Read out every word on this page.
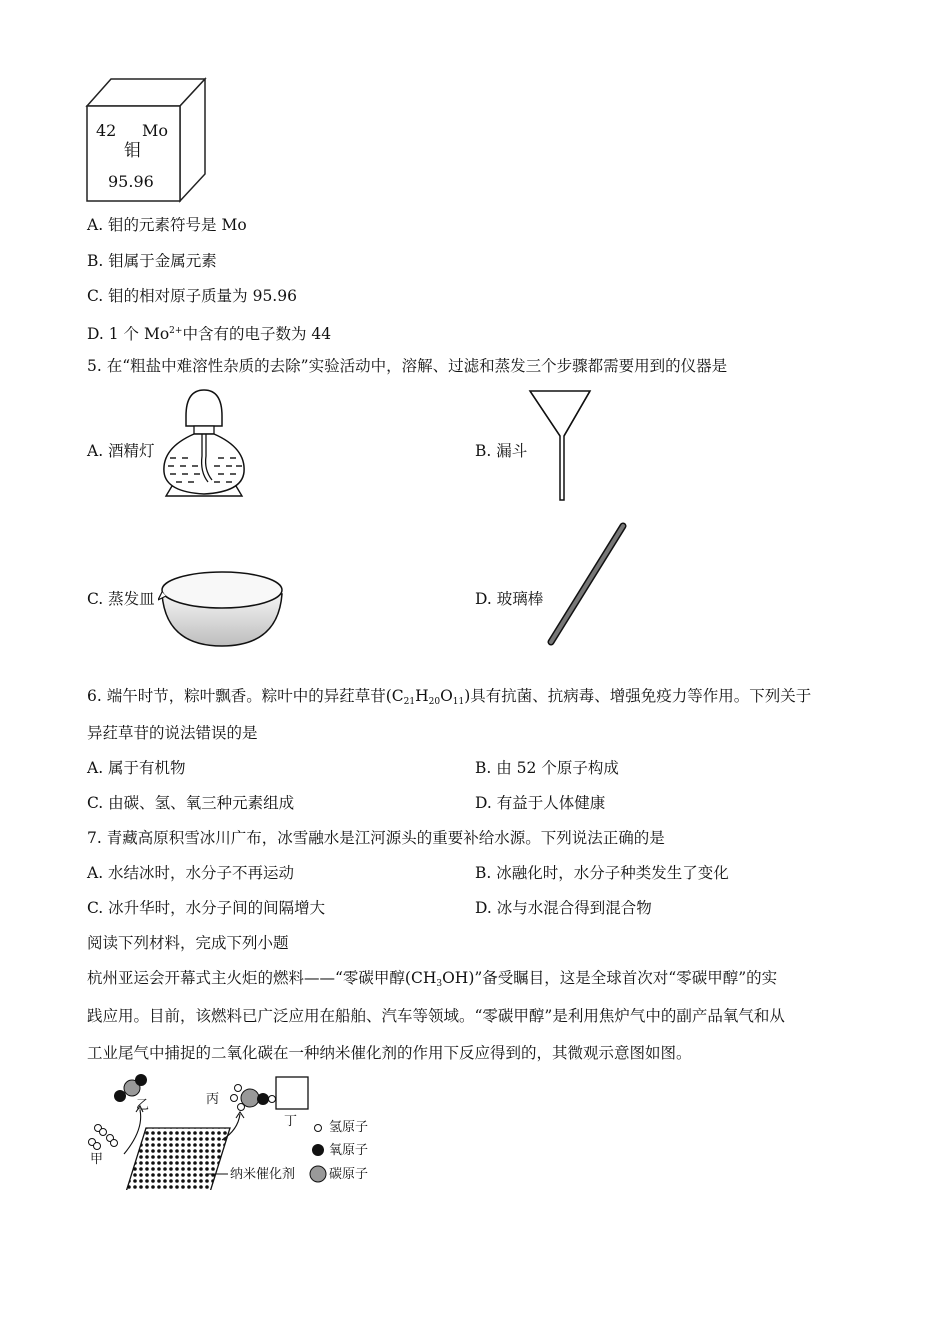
42 Mo
钼
95.96
A. 钼的元素符号是 Mo
B. 钼属于金属元素
C. 钼的相对原子质量为 95.96
D. 1 个 $Mo^{2+}$中含有的电子数为 44
5. 在“粗盐中难溶性杂质的去除”实验活动中，溶解、过滤和蒸发三个步骤都需要用到的仪器是
A. 酒精灯	B. 漏斗
C. 蒸发皿	D. 玻璃棒
6. 端午时节，粽叶飘香。粽叶中的异荭草苷$(C_{21}H_{20}O_{11})$具有抗菌、抗病毒、增强免疫力等作用。下列关于
异荭草苷的说法错误的是
A. 属于有机物	B. 由 52 个原子构成
C. 由碳、氢、氧三种元素组成	D. 有益于人体健康
7. 青藏高原积雪冰川广布，冰雪融水是江河源头的重要补给水源。下列说法正确的是
A. 水结冰时，水分子不再运动	B. 冰融化时，水分子种类发生了变化
C. 冰升华时，水分子间的间隔增大	D. 冰与水混合得到混合物
阅读下列材料，完成下列小题
杭州亚运会开幕式主火炬的燃料——“零碳甲醇$(CH_3OH)$”备受瞩目，这是全球首次对“零碳甲醇”的实
践应用。目前，该燃料已广泛应用在船舶、汽车等领域。“零碳甲醇”是利用焦炉气中的副产品氧气和从
工业尾气中捕捉的二氧化碳在一种纳米催化剂的作用下反应得到的，其微观示意图如图。
乙	丙
丁
甲
纳米催化剂
氢原子
氧原子
碳原子
